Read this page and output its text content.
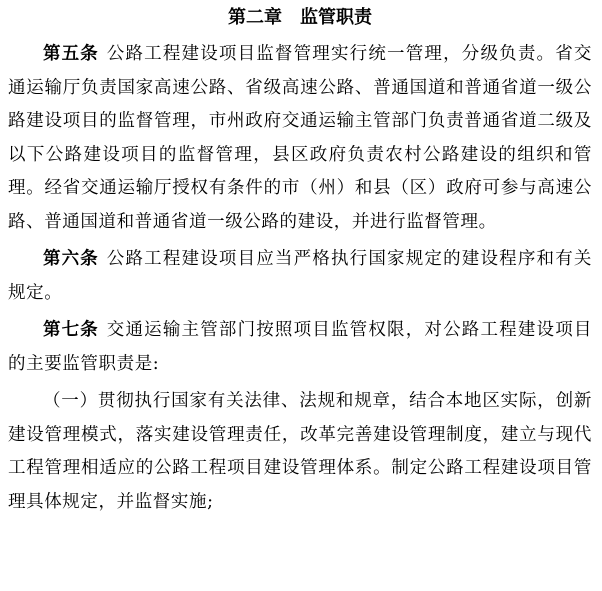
第二章　监管职责

第五条 公路工程建设项目监督管理实行统一管理，分级负责。省交通运输厅负责国家高速公路、省级高速公路、普通国道和普通省道一级公路建设项目的监督管理，市州政府交通运输主管部门负责普通省道二级及以下公路建设项目的监督管理，县区政府负责农村公路建设的组织和管理。经省交通运输厅授权有条件的市（州）和县（区）政府可参与高速公路、普通国道和普通省道一级公路的建设，并进行监督管理。

第六条 公路工程建设项目应当严格执行国家规定的建设程序和有关规定。

第七条 交通运输主管部门按照项目监管权限，对公路工程建设项目的主要监管职责是:

（一）贯彻执行国家有关法律、法规和规章，结合本地区实际，创新建设管理模式，落实建设管理责任，改革完善建设管理制度，建立与现代工程管理相适应的公路工程项目建设管理体系。制定公路工程建设项目管理具体规定，并监督实施;
